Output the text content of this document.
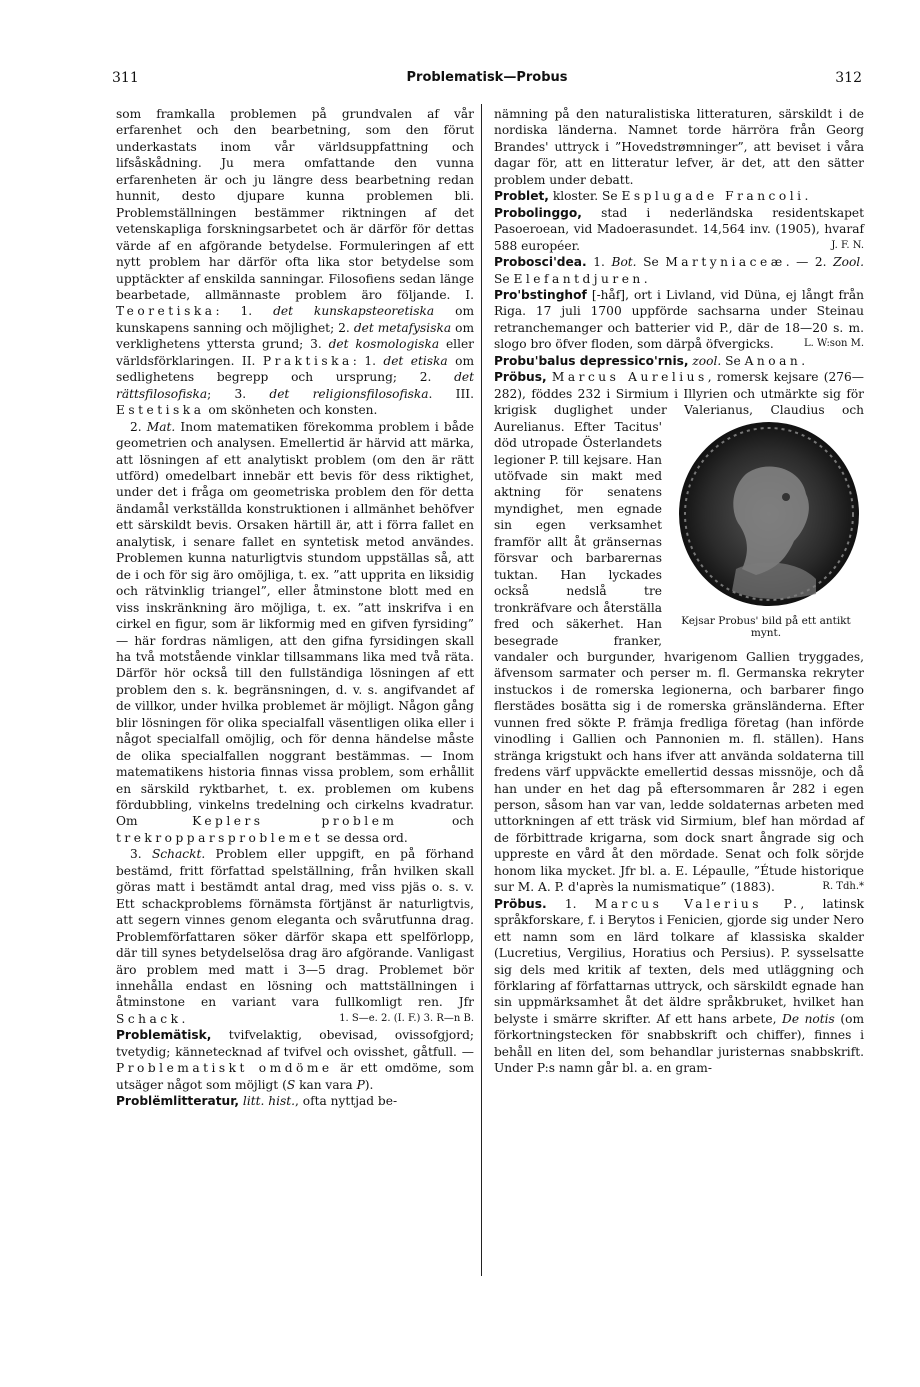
311	Problematisk—Probus	312

som framkalla problemen på grundvalen af vår erfarenhet och den bearbetning, som den förut underkastats inom vår världsuppfattning och lifsåskådning. Ju mera omfattande den vunna erfarenheten är och ju längre dess bearbetning redan hunnit, desto djupare kunna problemen bli. Problemställningen bestämmer riktningen af det vetenskapliga forskningsarbetet och är därför för dettas värde af en afgörande betydelse. Formuleringen af ett nytt problem har därför ofta lika stor betydelse som upptäckter af enskilda sanningar. Filosofiens sedan länge bearbetade, allmännaste problem äro följande. I. Teoretiska: 1. det kunskapsteoretiska om kunskapens sanning och möjlighet; 2. det metafysiska om verklighetens yttersta grund; 3. det kosmologiska eller världsförklaringen. II. Praktiska: 1. det etiska om sedlighetens begrepp och ursprung; 2. det rättsfilosofiska; 3. det religionsfilosofiska. III. Estetiska om skönheten och konsten.

2. Mat. Inom matematiken förekomma problem i både geometrien och analysen. Emellertid är härvid att märka, att lösningen af ett analytiskt problem (om den är rätt utförd) omedelbart innebär ett bevis för dess riktighet, under det i fråga om geometriska problem den för detta ändamål verkställda konstruktionen i allmänhet behöfver ett särskildt bevis. Orsaken härtill är, att i förra fallet en analytisk, i senare fallet en syntetisk metod användes. Problemen kunna naturligtvis stundom uppställas så, att de i och för sig äro omöjliga, t. ex. ”att uppritа en liksidig och rätvinklig triangel”, eller åtminstone blott med en viss inskränkning äro möjliga, t. ex. ”att inskrifva i en cirkel en figur, som är likformig med en gifven fyrsiding” — här fordras nämligen, att den gifna fyrsidingen skall ha två motstående vinklar tillsammans lika med två räta. Därför hör också till den fullständiga lösningen af ett problem den s. k. begränsningen, d. v. s. angifvandet af de villkor, under hvilka problemet är möjligt. Någon gång blir lösningen för olika specialfall väsentligen olika eller i något specialfall omöjlig, och för denna händelse måste de olika specialfallen noggrant bestämmas. — Inom matematikens historia finnas vissa problem, som erhållit en särskild ryktbarhet, t. ex. problemen om kubens fördubbling, vinkelns tredelning och cirkelns kvadratur. Om	Keplers problem	och trekropparsproblemet se dessa ord.

3. Schackt. Problem eller uppgift, en på förhand bestämd, fritt författad spelställning, från hvilken skall göras matt i bestämdt antal drag, med viss pjäs o. s. v. Ett schackproblems förnämsta förtjänst är naturligtvis, att segern vinnes genom eleganta och svårutfunna drag. Problemförfattaren söker därför skapa ett spelförlopp, där till synes betydelselösa drag äro afgörande. Vanligast äro problem med matt i 3—5 drag. Problemet bör innehålla endast en lösning och mattställningen i åtminstone en variant vara fullkomligt ren. Jfr Schack.	1. S—e. 2. (I. F.) 3. R—n B.

Problemätisk, tvifvelaktig, obevisad, ovissоfgjord; tvetydig; kännetecknad af tvifvel och ovisshet, gåtfull. — Problematiskt omdöme är ett omdöme, som utsäger något som möjligt (S kan vara P).

Problëmlitteratur, litt. hist., ofta nyttjad be-

nämning på den naturalistiska litteraturen, särskildt i de nordiska länderna. Namnet torde härröra från Georg Brandes' uttryck i ”Hovedstrømninger”, att beviset i våra dagar för, att en litteratur lefver, är det, att den sätter problem under debatt.

Problet, kloster. Se Esplugade Francoli.

Probolinggo, stad i nederländska residentskapet Pasoeroean, vid Madoerasundet. 14,564 inv. (1905), hvaraf 588 européer.	J. F. N.

Probosci'dea. 1. Bot. Se Martyniaceæ. — 2. Zool. Se Elefantdjuren.

Pro'bstinghof [-håf], ort i Livland, vid Düna, ej långt från Riga. 17 juli 1700 uppförde sachsarna under Steinau retranchemanger och batterier vid P., där de 18—20 s. m. slogo bro öfver floden, som därpå öfvergicks.	L. W:son M.

Probu'balus depressico'rnis, zool. Se Anoan.

Pröbus, Marcus Aurelius, romersk kejsare (276—282), föddes 232 i Sirmium i Illyrien och utmärkte sig för krigisk duglighet under Valerianus, Claudius och Aurelianus.
Kejsar Probus' bild på ett antikt mynt.
Efter Tacitus' död utropade Österlandets legioner P. till kejsare. Han utöfvade sin makt med aktning för senatens myndighet, men egnade sin egen verksamhet framför allt åt gränsernas försvar och barbarernas tuktan. Han lyckades också nedslå tre tronkräfvare och återställa fred och säkerhet. Han besegrade franker, vandaler och burgunder, hvarigenom Gallien tryggades, äfvensom sarmater och perser m. fl. Germanska rekryter instuckos i de romerska legionerna, och barbarer fingo flerstädes bosätta sig i de romerska gränsländerna. Efter vunnen fred sökte P. främja fredliga företag (han införde vinodling i Gallien och Pannonien m. fl. ställen). Hans stränga krigstukt och hans ifver att använda soldaterna till fredens värf uppväckte emellertid dessas missnöje, och då han under en het dag på eftersommaren år 282 i egen person, såsom han var van, ledde soldaternas arbeten med uttorkningen af ett träsk vid Sirmium, blef han mördad af de förbittrade krigarna, som dock snart ångrade sig och uppreste en vård åt den mördade. Senat och folk sörjde honom lika mycket. Jfr bl. a. E. Lépaulle, ”Étude historique sur M. A. P. d'après la numismatique” (1883).	R. Tdh.*

Pröbus. 1. Marcus Valerius P., latinsk språkforskare, f. i Berytos i Fenicien, gjorde sig under Nero ett namn som en lärd tolkare af klassiska skalder (Lucretius, Vergilius, Horatius och Persius). P. sysselsatte sig dels med kritik af texten, dels med utläggning och förklaring af författarnas uttryck, och särskildt egnade han sin uppmärksamhet åt det äldre språkbruket, hvilket han belyste i smärre skrifter. Af ett hans arbete, De notis (om förkortningstecken för snabbskrift och chiffer), finnes i behåll en liten del, som behandlar juristernas snabbskrift. Under P:s namn går bl. a. en gram-
